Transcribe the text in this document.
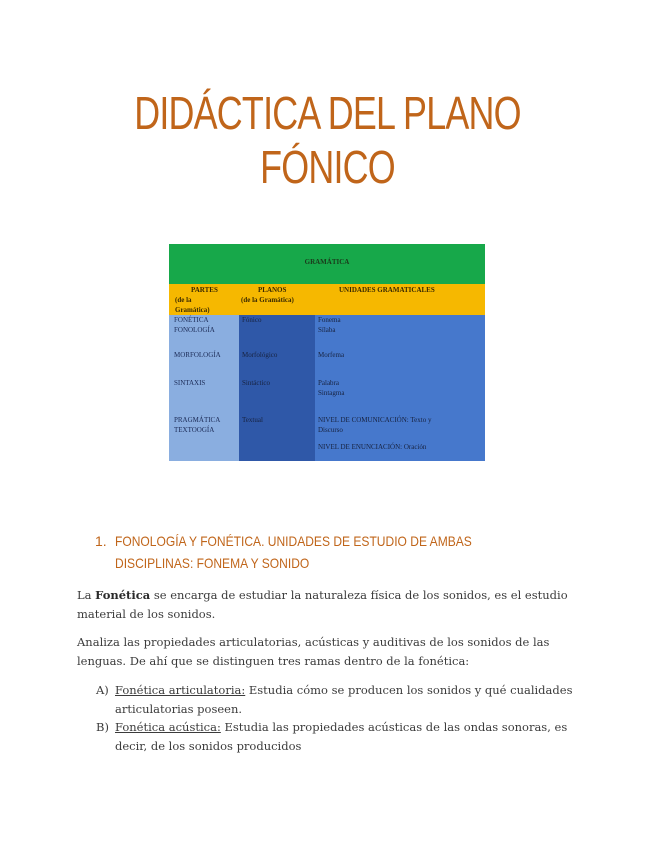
DIDÁCTICA DEL PLANO
FÓNICO
GRAMÁTICA
PARTES
(de la
Gramática)
PLANOS
(de la Gramática)
UNIDADES GRAMATICALES
FONÉTICA
FONOLOGÍA
MORFOLOGÍA
SINTAXIS
PRAGMÁTICA
TEXTOOGÍA
Fónico
Morfológico
Sintáctico
Textual
Fonema
Sílaba
Morfema
Palabra
Sintagma
NIVEL DE COMUNICACIÓN: Texto y
Discurso
NIVEL DE ENUNCIACIÓN: Oración
1. FONOLOGÍA Y FONÉTICA. UNIDADES DE ESTUDIO DE AMBAS DISCIPLINAS: FONEMA Y SONIDO
La Fonética se encarga de estudiar la naturaleza física de los sonidos, es el estudio material de los sonidos.
Analiza las propiedades articulatorias, acústicas y auditivas de los sonidos de las lenguas. De ahí que se distinguen tres ramas dentro de la fonética:
A) Fonética articulatoria: Estudia cómo se producen los sonidos y qué cualidades articulatorias poseen.
B) Fonética acústica: Estudia las propiedades acústicas de las ondas sonoras, es decir, de los sonidos producidos
